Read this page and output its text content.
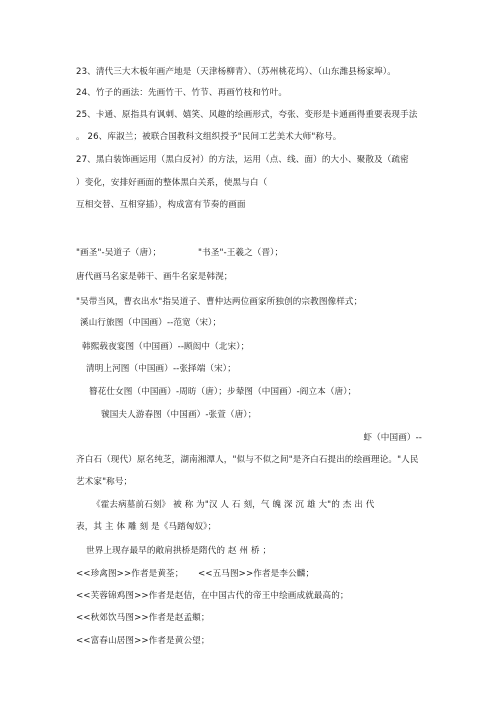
23、清代三大木板年画产地是（天津杨柳青）、（苏州桃花坞）、（山东潍县杨家埠）。
24、竹子的画法：先画竹干、竹节、再画竹枝和竹叶。
25、卡通、原指具有讽刺、嬉笑、风趣的绘画形式，夸张、变形是卡通画得重要表现手法
。 26、库淑兰；被联合国教科文组织授予"民间工艺美术大师"称号。
27、黑白装饰画运用（黑白反衬）的方法，运用（点、线、面）的大小、聚散及（疏密
）变化，安排好画面的整体黑白关系，使黑与白（
互相交替、互相穿插），构成富有节奏的画面
"画圣"-吴道子（唐）；	"书圣"-王羲之（晋）；
唐代画马名家是韩干、画牛名家是韩滉；
"吴带当风，曹衣出水"指吴道子、曹仲达两位画家所独创的宗教图像样式；
溪山行旅图（中国画）--范宽（宋）；
韩熙载夜宴图（中国画）--顾闳中（北宋）；
清明上河图（中国画）--张择端（宋）；
簪花仕女图（中国画）-周昉（唐）；步辇图（中国画）-阎立本（唐）；
虢国夫人游春图（中国画）-张萱（唐）；
虾（中国画）--
齐白石（现代）原名纯芝，湖南湘潭人，"似与不似之间"是齐白石提出的绘画理论。"人民
艺术家"称号；
《霍去病墓前石刻》 被 称 为"汉 人 石 刻，气 魄 深 沉 雄 大"的 杰 出 代
表，其 主 体 雕 刻 是《马踏匈奴》；
世界上现存最早的敞肩拱桥是隋代的 赵 州 桥 ；
<<珍禽图>>作者是黄荃； <<五马图>>作者是李公麟；
<<芙蓉锦鸡图>>作者是赵佶，在中国古代的帝王中绘画成就最高的；
<<秋郊饮马图>>作者是赵孟頫；
<<富春山居图>>作者是黄公望；
